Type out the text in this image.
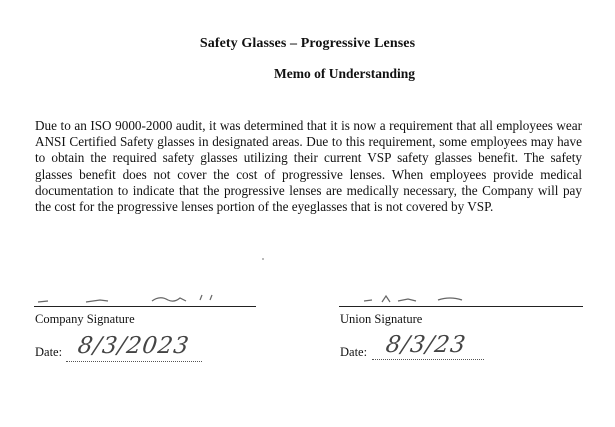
Safety Glasses – Progressive Lenses
Memo of Understanding
Due to an ISO 9000-2000 audit, it was determined that it is now a requirement that all employees wear ANSI Certified Safety glasses in designated areas. Due to this requirement, some employees may have to obtain the required safety glasses utilizing their current VSP safety glasses benefit. The safety glasses benefit does not cover the cost of progressive lenses. When employees provide medical documentation to indicate that the progressive lenses are medically necessary, the Company will pay the cost for the progressive lenses portion of the eyeglasses that is not covered by VSP.
Company Signature
Date: 8/3/2023
Union Signature
Date: 8/3/23
